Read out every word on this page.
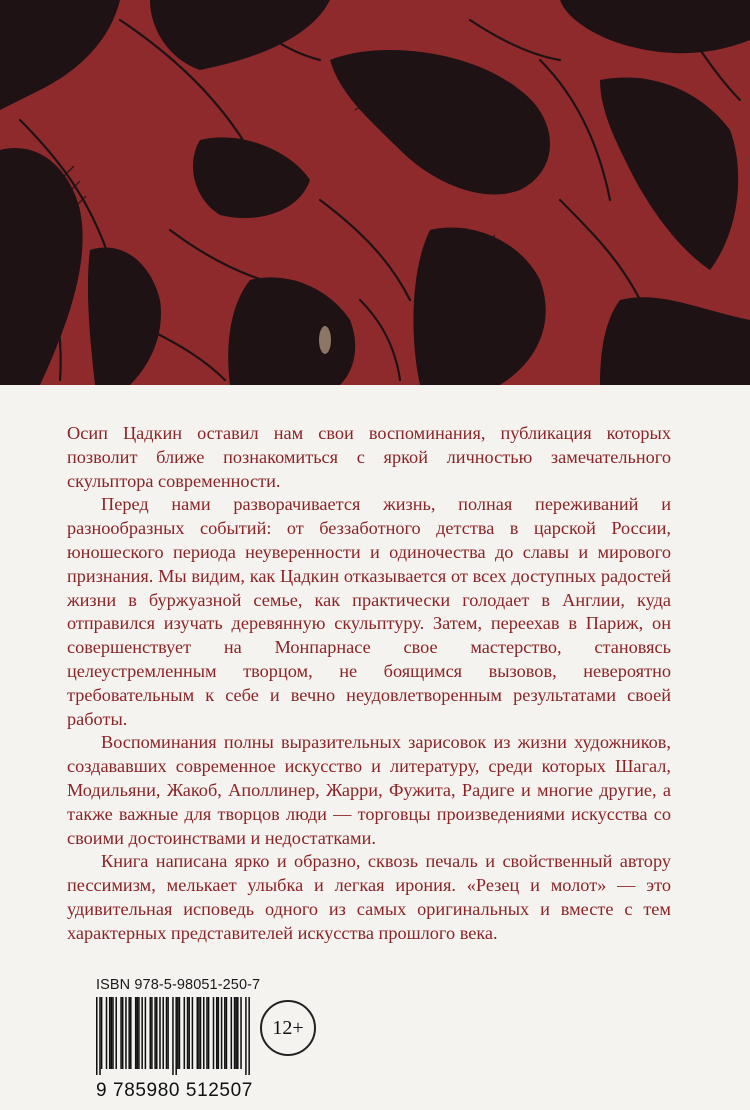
Осип Цадкин оставил нам свои воспоминания, публикация которых позволит ближе познакомиться с яркой личностью замечательного скульптора современности.

Перед нами разворачивается жизнь, полная переживаний и разнообразных событий: от беззаботного детства в царской России, юношеского периода неуверенности и одиночества до славы и мирового признания. Мы видим, как Цадкин отказывается от всех доступных радостей жизни в буржуазной семье, как практически голодает в Англии, куда отправился изучать деревянную скульптуру. Затем, переехав в Париж, он совершенствует на Монпарнасе свое мастерство, становясь целеустремленным творцом, не боящимся вызовов, невероятно требовательным к себе и вечно неудовлетворенным результатами своей работы.

Воспоминания полны выразительных зарисовок из жизни художников, создававших современное искусство и литературу, среди которых Шагал, Модильяни, Жакоб, Аполлинер, Жарри, Фужита, Радиге и многие другие, а также важные для творцов люди — торговцы произведениями искусства со своими достоинствами и недостатками.

Книга написана ярко и образно, сквозь печаль и свойственный автору пессимизм, мелькает улыбка и легкая ирония. «Резец и молот» — это удивительная исповедь одного из самых оригинальных и вместе с тем характерных представителей искусства прошлого века.

ISBN 978-5-98051-250-7
9 785980 512507
12+
